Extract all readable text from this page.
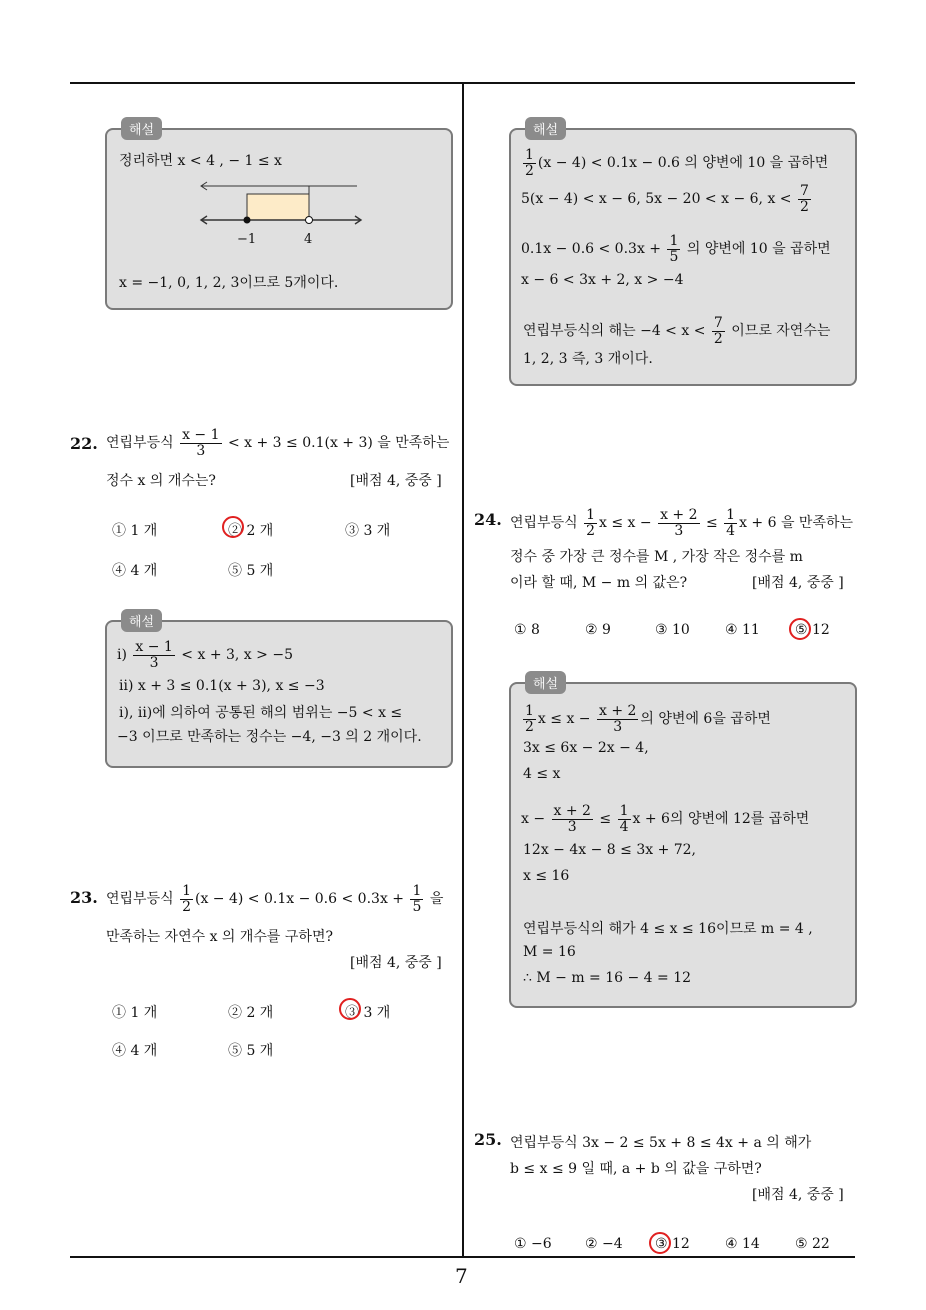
7
해설
정리하면 x < 4 , − 1 ≤ x
−1	4
x = −1, 0, 1, 2, 3이므로 5개이다.
22. 연립부등식 $\frac{x - 1}{3} < x + 3 \le 0.1(x + 3)$ 을 만족하는
정수 x 의 개수는?	[배점 4, 중중 ]
① 1 개	② 2 개	③ 3 개
④ 4 개	⑤ 5 개
해설
$i) \frac{x - 1}{3} < x + 3$, x > −5
ⅱ) x + 3 ≤ 0.1(x + 3), x ≤ −3
ⅰ), ⅱ)에 의하여 공통된 해의 범위는 −5 < x ≤
−3 이므로 만족하는 정수는 −4, −3 의 2 개이다.
23. 연립부등식 $\frac{1}{2} (x - 4) < 0.1x - 0.6 < 0.3x + \frac{1}{5}$ 을
만족하는 자연수 x 의 개수를 구하면?
[배점 4, 중중 ]
① 1 개	② 2 개	③ 3 개
④ 4 개	⑤ 5 개
해설
$\frac{1}{2} (x - 4) < 0.1x - 0.6$ 의 양변에 10 을 곱하면
5(x − 4) < x − 6, 5x − 20 < x − 6, $x < \frac{7}{2}$
$0.1x - 0.6 < 0.3x + \frac{1}{5}$ 의 양변에 10 을 곱하면
x − 6 < 3x + 2, x > −4
연립부등식의 해는 $-4 < x < \frac{7}{2}$ 이므로 자연수는
1, 2, 3 즉, 3 개이다.
24. 연립부등식 $\frac{1}{2}$ $x \le x - \frac{x + 2}{3} \le \frac{1}{4}$ x + 6 을 만족하는
정수 중 가장 큰 정수를 M , 가장 작은 정수를 m
이라 할 때, M − m 의 값은?	[배점 4, 중중 ]
① 8	② 9	③ 10	④ 11	⑤ 12
해설
$\frac{1}{2}$ $x \le x - \frac{x + 2}{3}$ 의 양변에 6을 곱하면
3x ≤ 6x − 2x − 4,
4 ≤ x
$x - \frac{x + 2}{3} \le \frac{1}{4}$ x + 6의 양변에 12를 곱하면
12x − 4x − 8 ≤ 3x + 72,
x ≤ 16
연립부등식의 해가 4 ≤ x ≤ 16이므로 m = 4 ,
M = 16
∴ M − m = 16 − 4 = 12
25. 연립부등식 3x − 2 ≤ 5x + 8 ≤ 4x + a 의 해가
b ≤ x ≤ 9 일 때, a + b 의 값을 구하면?
[배점 4, 중중 ]
① −6 ② −4 ③ 12	④ 14	⑤ 22
